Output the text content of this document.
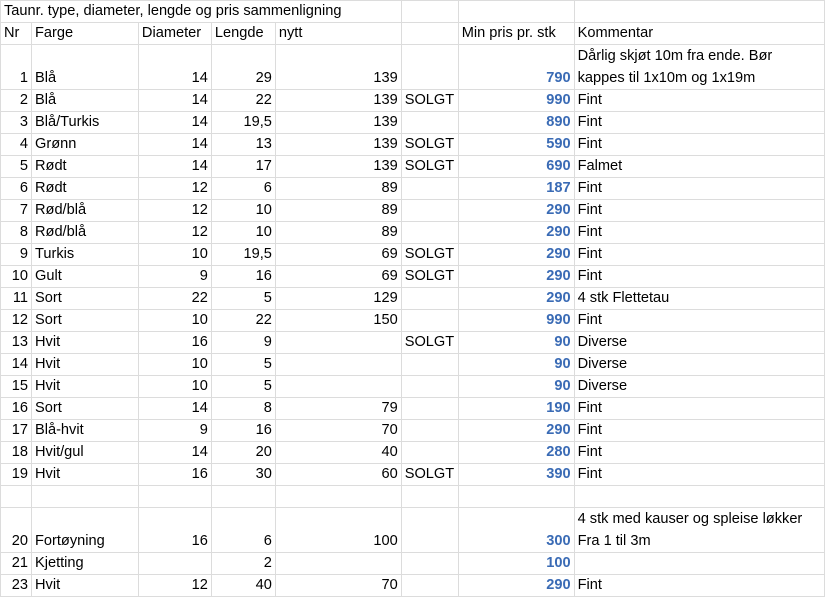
Taunr. type, diameter, lengde og pris sammenligning							
Nr	Farge	Diameter	Lengde	nytt		Min pris pr. stk	Kommentar
1	Blå	14	29	139		790	Dårlig skjøt 10m fra ende. Bør kappes til 1x10m og 1x19m
2	Blå	14	22	139	SOLGT	990	Fint
3	Blå/Turkis	14	19,5	139		890	Fint
4	Grønn	14	13	139	SOLGT	590	Fint
5	Rødt	14	17	139	SOLGT	690	Falmet
6	Rødt	12	6	89		187	Fint
7	Rød/blå	12	10	89		290	Fint
8	Rød/blå	12	10	89		290	Fint
9	Turkis	10	19,5	69	SOLGT	290	Fint
10	Gult	9	16	69	SOLGT	290	Fint
11	Sort	22	5	129		290	4 stk Flettetau
12	Sort	10	22	150		990	Fint
13	Hvit	16	9		SOLGT	90	Diverse
14	Hvit	10	5			90	Diverse
15	Hvit	10	5			90	Diverse
16	Sort	14	8	79		190	Fint
17	Blå-hvit	9	16	70		290	Fint
18	Hvit/gul	14	20	40		280	Fint
19	Hvit	16	30	60	SOLGT	390	Fint

20	Fortøyning	16	6	100		300	4 stk med kauser og spleise løkker Fra 1 til 3m
21	Kjetting		2			100	
23	Hvit	12	40	70		290	Fint
